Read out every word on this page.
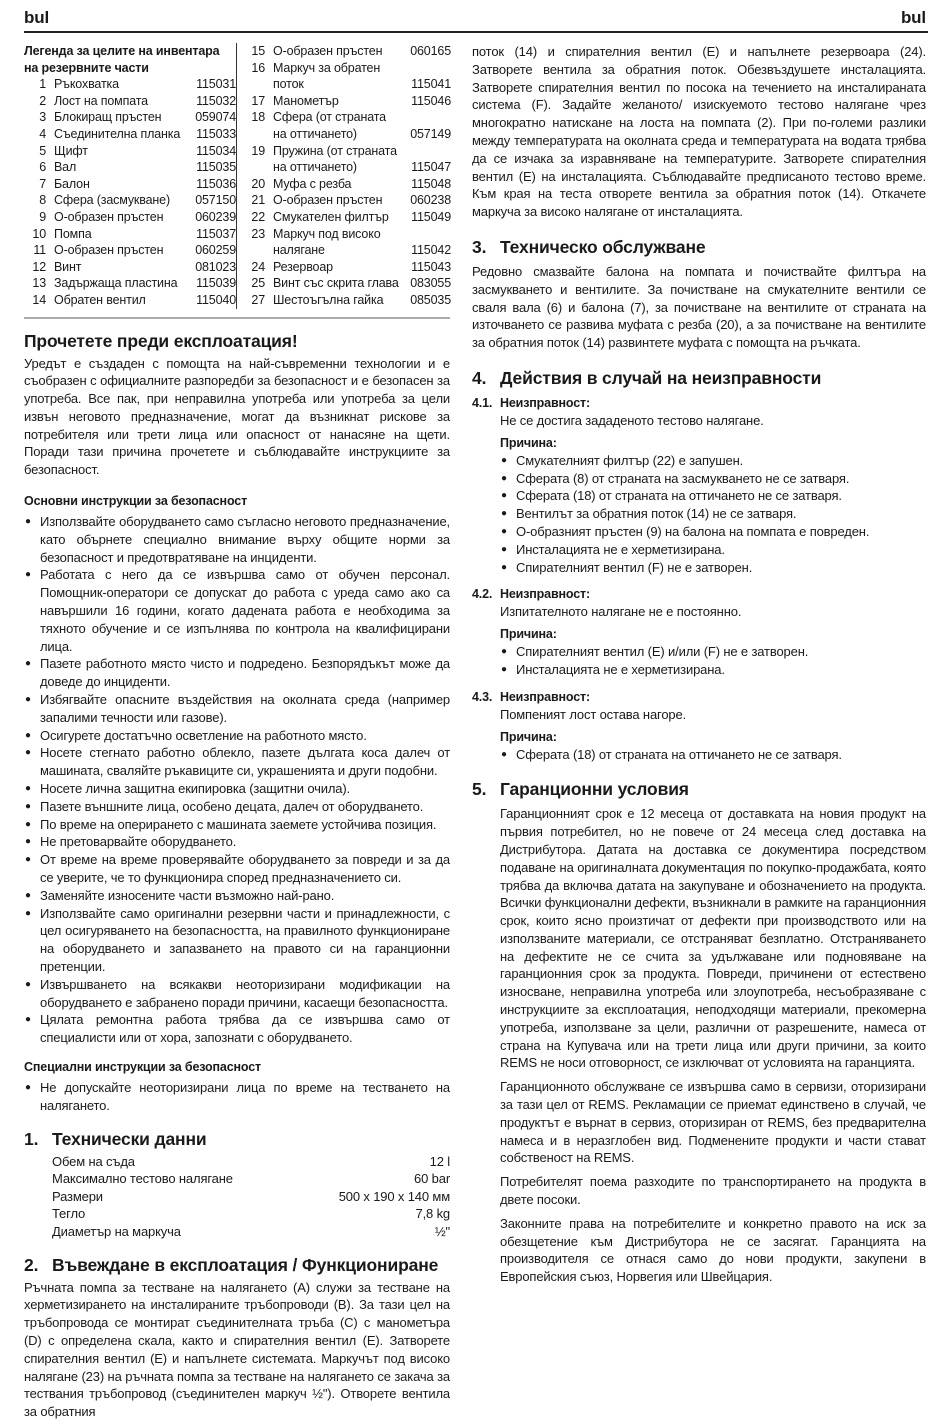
bul	bul
Легенда за целите на инвентара на резервните части
1 Ръкохватка	115031
2 Лост на помпата	115032
3 Блокиращ пръстен	059074
4 Съединителна планка	115033
5 Щифт	115034
6 Вал	115035
7 Балон	115036
8 Сфера (засмукване)	057150
9 О-образен пръстен	060239
10 Помпа	115037
11 О-образен пръстен	060259
12 Винт	081023
13 Задържаща пластина	115039
14 Обратен вентил	115040
15 О-образен пръстен	060165
16 Маркуч за обратен
поток	115041
17 Манометър	115046
18 Сфера (от страната
на оттичането)	057149
19 Пружина (от страната
на оттичането)	115047
20 Муфа с резба	115048
21 О-образен пръстен	060238
22 Смукателен филтър	115049
23 Маркуч под високо
налягане	115042
24 Резервоар	115043
25 Винт със скрита глава 083055
27 Шестоъгълна гайка	085035
Прочетете преди експлоатация!

Уредът е създаден с помощта на най-съвременни технологии и е съобразен с официалните разпоредби за безопасност и е безопасен за употреба. Все пак, при неправилна употреба или употреба за цели извън неговото предназначение, могат да възникнат рискове за потребителя или трети лица или опасност от нанасяне на щети. Поради тази причина прочетете и съблюдавайте инструкциите за безопасност.

Основни инструкции за безопасност
● Използвайте оборудването само съгласно неговото предназначение, като обърнете специално внимание върху общите норми за безопасност и предотвратяване на инциденти.
● Работата с него да се извършва само от обучен персонал. Помощник-оператори се допускат до работа с уреда само ако са навършили 16 години, когато дадената работа е необходима за тяхното обучение и се изпълнява по контрола на квалифицирани лица.
● Пазете работното място чисто и подредено. Безпорядъкът може да доведе до инциденти.
● Избягвайте опасните въздействия на околната среда (например запалими течности или газове).
● Осигурете достатъчно осветление на работното място.
● Носете стегнато работно облекло, пазете дългата коса далеч от машината, сваляйте ръкавиците си, украшенията и други подобни.
● Носете лична защитна екипировка (защитни очила).
● Пазете външните лица, особено децата, далеч от оборудването.
● По време на оперирането с машината заемете устойчива позиция.
● Не претоварвайте оборудването.
● От време на време проверявайте оборудването за повреди и за да се уверите, че то функционира според предназначението си.
● Заменяйте износените части възможно най-рано.
● Използвайте само оригинални резервни части и принадлежности, с цел осигуряването на безопасността, на правилното функциониране на оборудването и запазването на правото си на гаранционни претенции.
● Извършването на всякакви неоторизирани модификации на оборудването е забранено поради причини, касаещи безопасността.
● Цялата ремонтна работа трябва да се извършва само от специалисти или от хора, запознати с оборудването.
Специални инструкции за безопасност
● Не допускайте неоторизирани лица по време на тестването на налягането.
1. Технически данни
Обем на съда	12 l
Максимално тестово налягане	60 bar
Размери	500 x 190 x 140 мм
Тегло	7,8 kg
Диаметър на маркуча	½"
2. Въвеждане в експлоатация / Функциониране

Ръчната помпа за тестване на налягането (A) служи за тестване на херметизирането на инсталираните тръбопроводи (B). За тази цел на тръбопровода се монтират съединителната тръба (C) с манометъра (D) с определена скала, както и спирателния вентил (E). Затворете спирателния вентил (E) и напълнете системата. Маркучът под високо налягане (23) на ръчната помпа за тестване на налягането се закача за тествания тръбопровод (съединителен маркуч ½"). Отворете вентила за обратния

поток (14) и спирателния вентил (E) и напълнете резервоара (24). Затворете вентила за обратния поток. Обезвъздушете инсталацията. Затворете спирателния вентил по посока на течението на инсталираната система (F). Задайте желаното/ изискуемото тестово налягане чрез многократно натискане на лоста на помпата (2). При по-големи разлики между температурата на околната среда и температурата на водата трябва да се изчака за изравняване на температурите. Затворете спирателния вентил (E) на инсталацията. Съблюдавайте предписаното тестово време. Към края на теста отворете вентила за обратния поток (14). Откачете маркуча за високо налягане от инсталацията.

3. Техническо обслужване

Редовно смазвайте балона на помпата и почиствайте филтъра на засмукването и вентилите. За почистване на смукателните вентили се сваля вала (6) и балона (7), за почистване на вентилите от страната на източването се развива муфата с резба (20), а за почистване на вентилите за обратния поток (14) развинтете муфата с помощта на ръчката.

4. Действия в случай на неизправности
4.1. Неизправност:

Не се достига зададеното тестово налягане.

Причина:
● Смукателният филтър (22) е запушен.
● Сферата (8) от страната на засмукването не се затваря.
● Сферата (18) от страната на оттичането не се затваря.
● Вентилът за обратния поток (14) не се затваря.
● О-образният пръстен (9) на балона на помпата е повреден.
● Инсталацията не е херметизирана.
● Спирателният вентил (F) не е затворен.
4.2. Неизправност:

Изпитателното налягане не е постоянно.

Причина:
● Спирателният вентил (E) и/или (F) не е затворен.
● Инсталацията не е херметизирана.
4.3. Неизправност:

Помпеният лост остава нагоре.

Причина:
● Сферата (18) от страната на оттичането не се затваря.
5. Гаранционни условия

Гаранционният срок е 12 месеца от доставката на новия продукт на първия потребител, но не повече от 24 месеца след доставка на Дистрибутора. Датата на доставка се документира посредством подаване на оригиналната документация по покупко-продажбата, която трябва да включва датата на закупуване и обозначението на продукта. Всички функционални дефекти, възникнали в рамките на гаранционния срок, които ясно произтичат от дефекти при производството или на използваните материали, се отстраняват безплатно. Отстраняването на дефектите не се счита за удължаване или подновяване на гаранционния срок за продукта. Повреди, причинени от естествено износване, неправилна употреба или злоупотреба, несъобразяване с инструкциите за експлоатация, неподходящи материали, прекомерна употреба, използване за цели, различни от разрешените, намеса от страна на Купувача или на трети лица или други причини, за които REMS не носи отговорност, се изключват от условията на гаранцията.

Гаранционното обслужване се извършва само в сервизи, оторизирани за тази цел от REMS. Рекламации се приемат единствено в случай, че продуктът е върнат в сервиз, оторизиран от REMS, без предварителна намеса и в неразглобен вид. Подменените продукти и части стават собственост на REMS.

Потребителят поема разходите по транспортирането на продукта в двете посоки.

Законните права на потребителите и конкретно правото на иск за обезщетение към Дистрибутора не се засягат. Гаранцията на производителя се отнася само до нови продукти, закупени в Европейския съюз, Норвегия или Швейцария.
